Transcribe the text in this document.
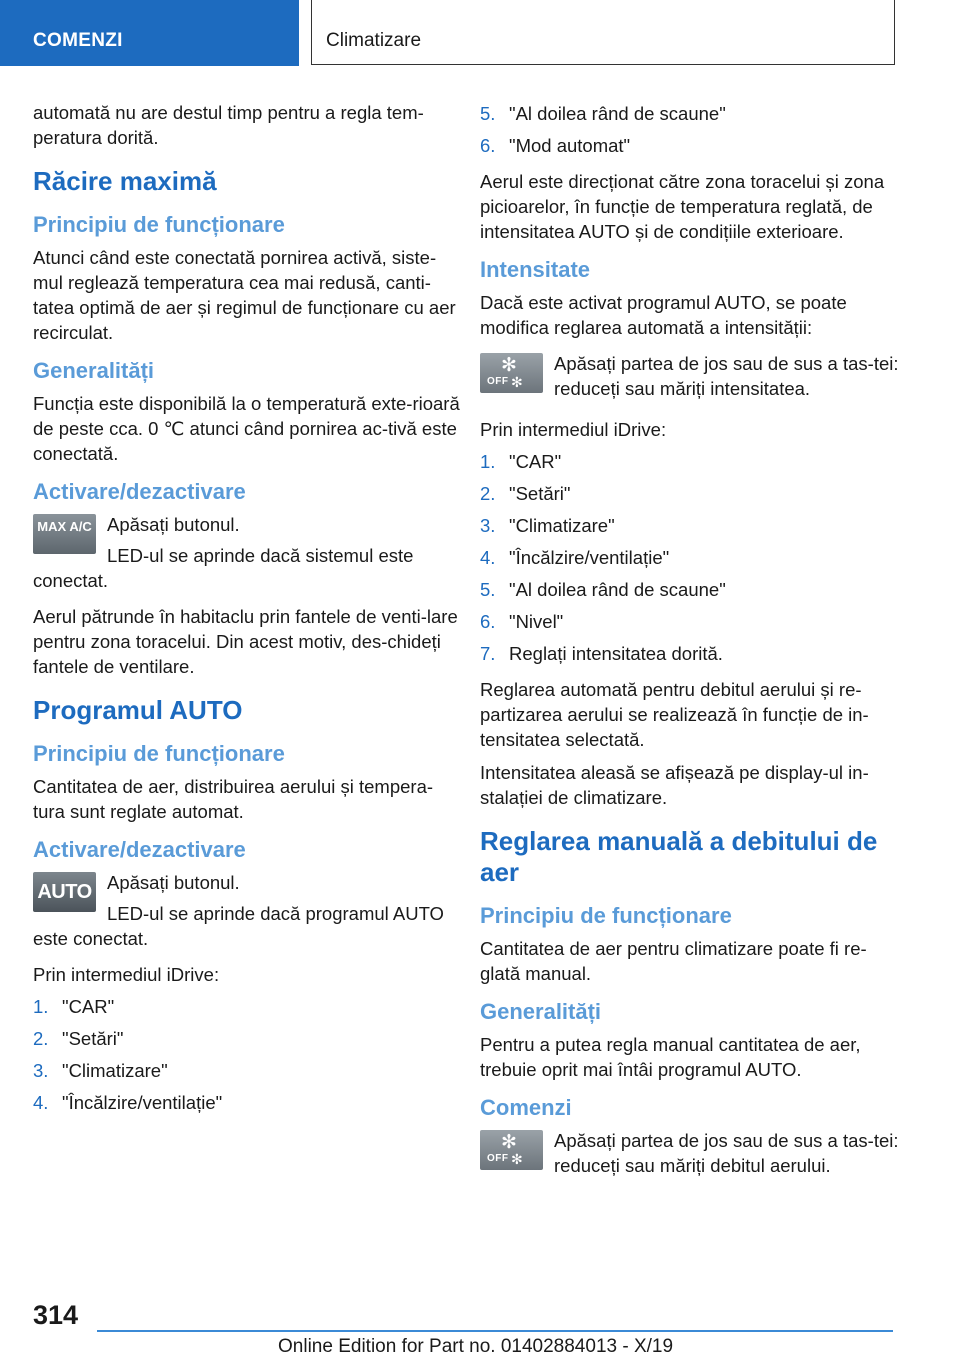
COMENZI	Climatizare

automată nu are destul timp pentru a regla tem-peratura dorită.

Răcire maximă
Principiu de funcționare

Atunci când este conectată pornirea activă, siste-mul reglează temperatura cea mai redusă, canti-tatea optimă de aer și regimul de funcționare cu aer recirculat.

Generalități

Funcția este disponibilă la o temperatură exte-rioară de peste cca. 0 ℃ atunci când pornirea ac-tivă este conectată.

Activare/dezactivare
MAX A/C Apăsați butonul.

LED-ul se aprinde dacă sistemul este conectat.

Aerul pătrunde în habitaclu prin fantele de venti-lare pentru zona toracelui. Din acest motiv, des-chideți fantele de ventilare.

Programul AUTO
Principiu de funcționare

Cantitatea de aer, distribuirea aerului și tempera-tura sunt reglate automat.

Activare/dezactivare
AUTO Apăsați butonul.

LED-ul se aprinde dacă programul AUTO este conectat.

Prin intermediul iDrive:

1. "CAR"
2. "Setări"
3. "Climatizare"
4. "Încălzire/ventilație"
5. "Al doilea rând de scaune"
6. "Mod automat"

Aerul este direcționat către zona toracelui și zona picioarelor, în funcție de temperatura reglată, de intensitatea AUTO și de condițiile exterioare.

Intensitate

Dacă este activat programul AUTO, se poate modifica reglarea automată a intensității:

✻
OFF ✻

Apăsați partea de jos sau de sus a tas-tei: reduceți sau măriți intensitatea.

Prin intermediul iDrive:

1. "CAR"
2. "Setări"
3. "Climatizare"
4. "Încălzire/ventilație"
5. "Al doilea rând de scaune"
6. "Nivel"
7. Reglați intensitatea dorită.

Reglarea automată pentru debitul aerului și re-partizarea aerului se realizează în funcție de in-tensitatea selectată.

Intensitatea aleasă se afișează pe display-ul in-stalației de climatizare.

Reglarea manuală a debitului de aer
Principiu de funcționare

Cantitatea de aer pentru climatizare poate fi re-glată manual.

Generalități

Pentru a putea regla manual cantitatea de aer, trebuie oprit mai întâi programul AUTO.

Comenzi
✻
OFF ✻

Apăsați partea de jos sau de sus a tas-tei: reduceți sau măriți debitul aerului.

314
Online Edition for Part no. 01402884013 - X/19
